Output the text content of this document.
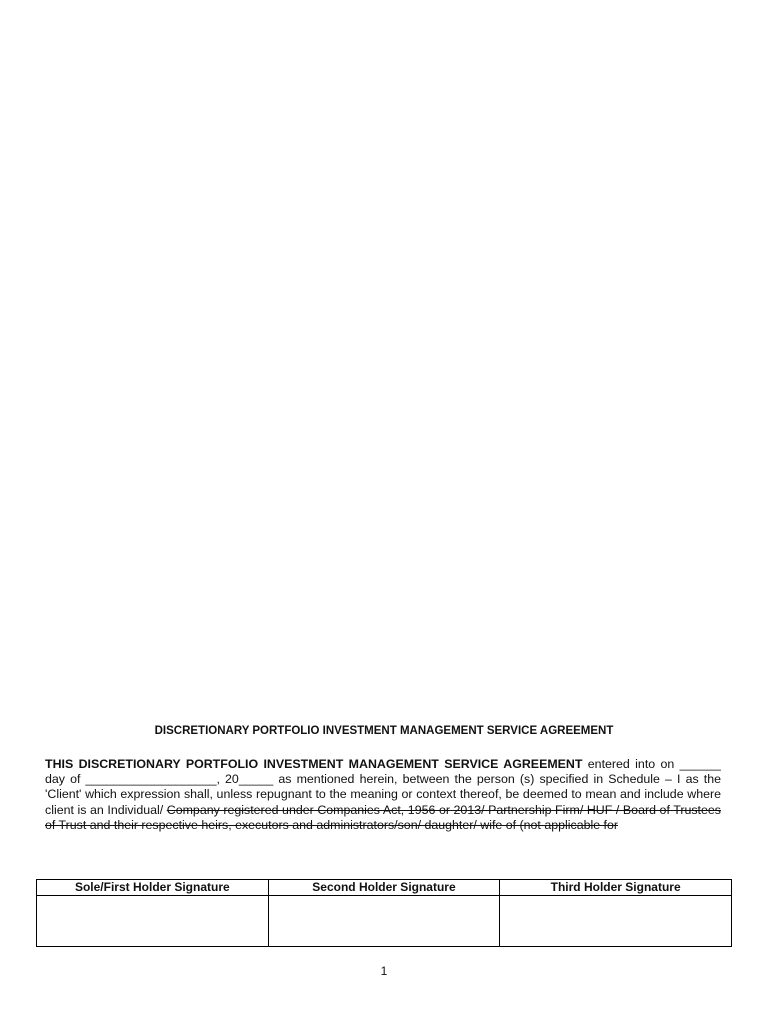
DISCRETIONARY PORTFOLIO INVESTMENT MANAGEMENT SERVICE AGREEMENT
THIS DISCRETIONARY PORTFOLIO INVESTMENT MANAGEMENT SERVICE AGREEMENT entered into on ______ day of ___________________, 20_____ as mentioned herein, between the person (s) specified in Schedule – I as the 'Client' which expression shall, unless repugnant to the meaning or context thereof, be deemed to mean and include where client is an Individual/ Company registered under Companies Act, 1956 or 2013/ Partnership Firm/ HUF / Board of Trustees of Trust and their respective heirs, executors and administrators/son/ daughter/ wife of (not applicable for
Sole/First Holder Signature	Second Holder Signature	Third Holder Signature

1
